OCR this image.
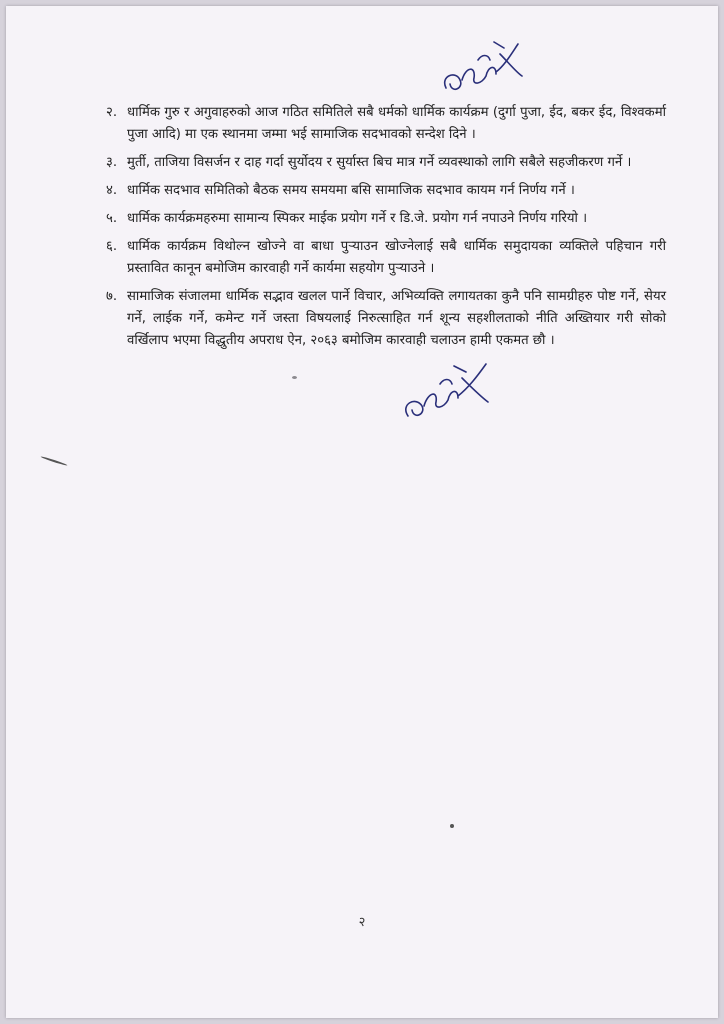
२. धार्मिक गुरु र अगुवाहरुको आज गठित समितिले सबै धर्मको धार्मिक कार्यक्रम (दुर्गा पुजा, ईद, बकर ईद, विश्वकर्मा पुजा आदि) मा एक स्थानमा जम्मा भई सामाजिक सदभावको सन्देश दिने ।
३. मुर्ती, ताजिया विसर्जन र दाह गर्दा सुर्योदय र सुर्यास्त बिच मात्र गर्ने व्यवस्थाको लागि सबैले सहजीकरण गर्ने ।
४. धार्मिक सदभाव समितिको बैठक समय समयमा बसि सामाजिक सदभाव कायम गर्न निर्णय गर्ने ।
५. धार्मिक कार्यक्रमहरुमा सामान्य स्पिकर माईक प्रयोग गर्ने र डि.जे. प्रयोग गर्न नपाउने निर्णय गरियो ।
६. धार्मिक कार्यक्रम विथोल्न खोज्ने वा बाधा पुऱ्याउन खोज्नेलाई सबै धार्मिक समुदायका व्यक्तिले पहिचान गरी प्रस्तावित कानून बमोजिम कारवाही गर्ने कार्यमा सहयोग पुऱ्याउने ।
७. सामाजिक संजालमा धार्मिक सद्भाव खलल पार्ने विचार, अभिव्यक्ति लगायतका कुनै पनि सामग्रीहरु पोष्ट गर्ने, सेयर गर्ने, लाईक गर्ने, कमेन्ट गर्ने जस्ता विषयलाई निरुत्साहित गर्न शून्य सहशीलताको नीति अख्तियार गरी सोको वर्खिलाप भएमा विद्धुतीय अपराध ऐन, २०६३ बमोजिम कारवाही चलाउन हामी एकमत छौ ।
२
